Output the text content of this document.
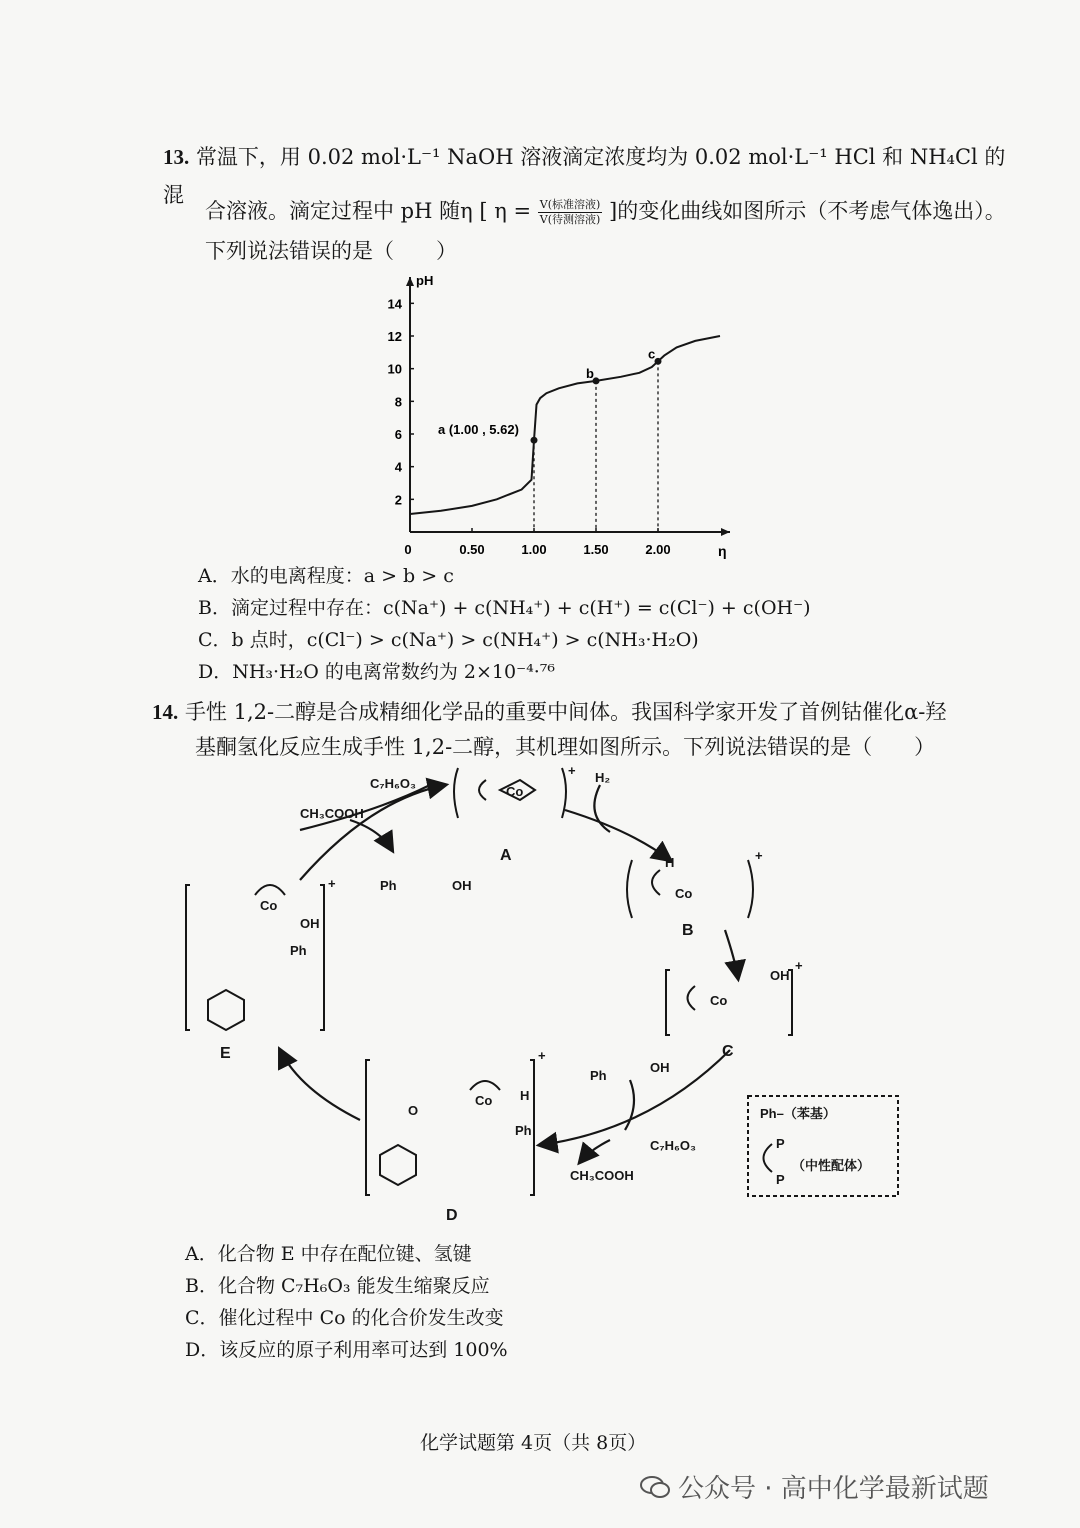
13. 常温下，用 0.02 mol·L⁻¹ NaOH 溶液滴定浓度均为 0.02 mol·L⁻¹ HCl 和 NH₄Cl 的混
合溶液。滴定过程中 pH 随η [ $\eta = \frac{\text{V(标准溶液)}}{\text{V(待测溶液)}}$ ]的变化曲线如图所示（不考虑气体逸出）。
下列说法错误的是（　　）
pH
η
0	0.50	1.00	1.50	2.00
2
4
6
8
10
12
14
a (1.00 , 5.62)
b
c
A．水的电离程度：a > b > c
B．滴定过程中存在：c(Na⁺) + c(NH₄⁺) + c(H⁺) = c(Cl⁻) + c(OH⁻)
C．b 点时，c(Cl⁻) > c(Na⁺) > c(NH₄⁺) > c(NH₃·H₂O)
D．NH₃·H₂O 的电离常数约为 2×10⁻⁴·⁷⁶
14. 手性 1,2-二醇是合成精细化学品的重要中间体。我国科学家开发了首例钴催化α-羟
基酮氢化反应生成手性 1,2-二醇，其机理如图所示。下列说法错误的是（　　）
CH₃COOH
C₇H₆O₃	H₂
A
B
C
D
E
Co
Co
Co
Co
Co
Ph
Ph
Ph
Ph
OH
OH
OH
OH
C₇H₆O₃
CH₃COOH
+
+
+
+
+
Ph–（苯基）
P
P
（中性配体）
H
H
O
A．化合物 E 中存在配位键、氢键
B．化合物 C₇H₆O₃ 能发生缩聚反应
C．催化过程中 Co 的化合价发生改变
D．该反应的原子利用率可达到 100%
化学试题第 4页（共 8页）
公众号 · 高中化学最新试题
